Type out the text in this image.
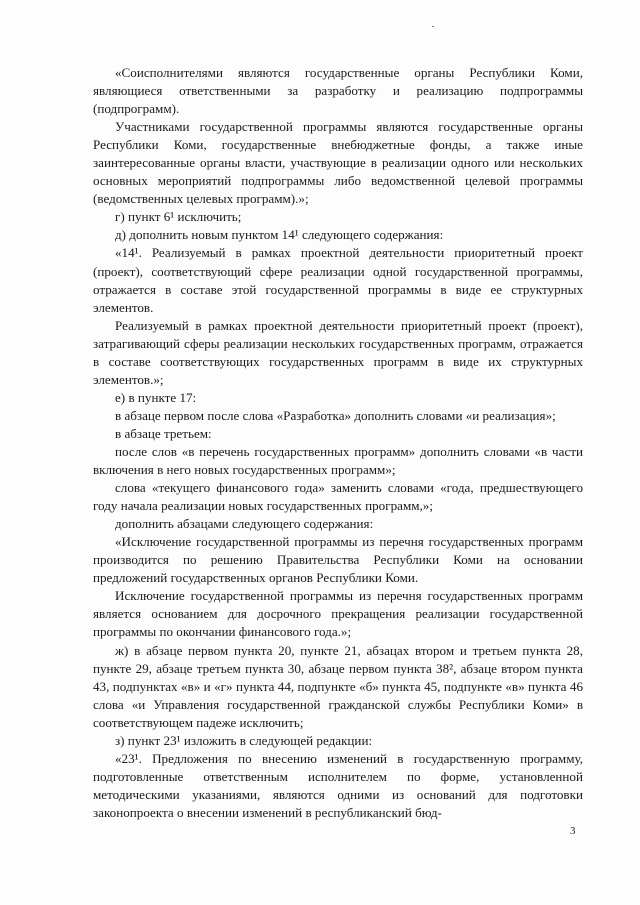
«Соисполнителями являются государственные органы Республики Коми, являющиеся ответственными за разработку и реализацию подпрограммы (подпрограмм).

Участниками государственной программы являются государственные органы Республики Коми, государственные внебюджетные фонды, а также иные заинтересованные органы власти, участвующие в реализации одного или нескольких основных мероприятий подпрограммы либо ведомственной целевой программы (ведомственных целевых программ).»;

г) пункт 6¹ исключить;

д) дополнить новым пунктом 14¹ следующего содержания:

«14¹. Реализуемый в рамках проектной деятельности приоритетный проект (проект), соответствующий сфере реализации одной государственной программы, отражается в составе этой государственной программы в виде ее структурных элементов.

Реализуемый в рамках проектной деятельности приоритетный проект (проект), затрагивающий сферы реализации нескольких государственных программ, отражается в составе соответствующих государственных программ в виде их структурных элементов.»;

е) в пункте 17:

в абзаце первом после слова «Разработка» дополнить словами «и реализация»;

в абзаце третьем:

после слов «в перечень государственных программ» дополнить словами «в части включения в него новых государственных программ»;

слова «текущего финансового года» заменить словами «года, предшествующего году начала реализации новых государственных программ,»;

дополнить абзацами следующего содержания:

«Исключение государственной программы из перечня государственных программ производится по решению Правительства Республики Коми на основании предложений государственных органов Республики Коми.

Исключение государственной программы из перечня государственных программ является основанием для досрочного прекращения реализации государственной программы по окончании финансового года.»;

ж) в абзаце первом пункта 20, пункте 21, абзацах втором и третьем пункта 28, пункте 29, абзаце третьем пункта 30, абзаце первом пункта 38², абзаце втором пункта 43, подпунктах «в» и «г» пункта 44, подпункте «б» пункта 45, подпункте «в» пункта 46 слова «и Управления государственной гражданской службы Республики Коми» в соответствующем падеже исключить;

з) пункт 23¹ изложить в следующей редакции:

«23¹. Предложения по внесению изменений в государственную программу, подготовленные ответственным исполнителем по форме, установленной методическими указаниями, являются одними из оснований для подготовки законопроекта о внесении изменений в республиканский бюд-

3
